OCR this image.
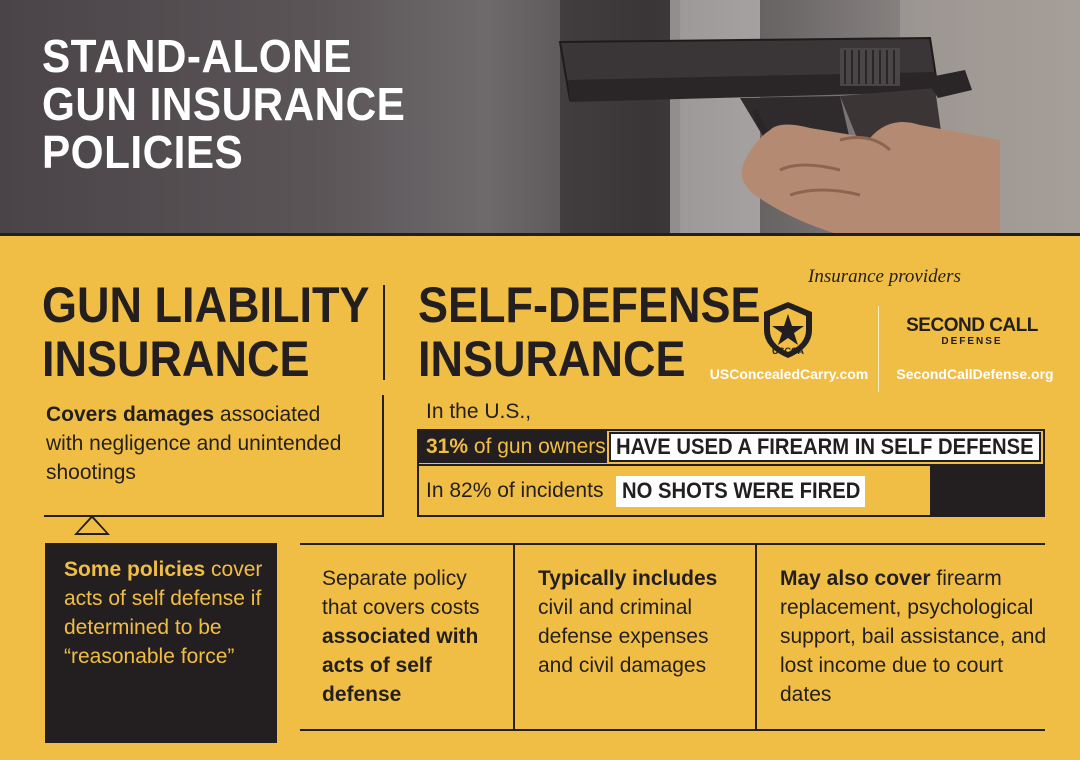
STAND-ALONE
GUN INSURANCE
POLICIES
GUN LIABILITY
INSURANCE
Covers damages associated with negligence and unintended shootings
Some policies cover acts of self defense if determined to be “reasonable force”
SELF-DEFENSE
INSURANCE
Insurance providers
USCCA
USConcealedCarry.com
SECOND CALL
DEFENSE
SecondCallDefense.org
In the U.S.,
31% of gun owners HAVE USED A FIREARM IN SELF DEFENSE
In 82% of incidents NO SHOTS WERE FIRED
Separate policy that covers costs associated with acts of self defense
Typically includes civil and criminal defense expenses and civil damages
May also cover firearm replacement, psychological support, bail assistance, and lost income due to court dates
